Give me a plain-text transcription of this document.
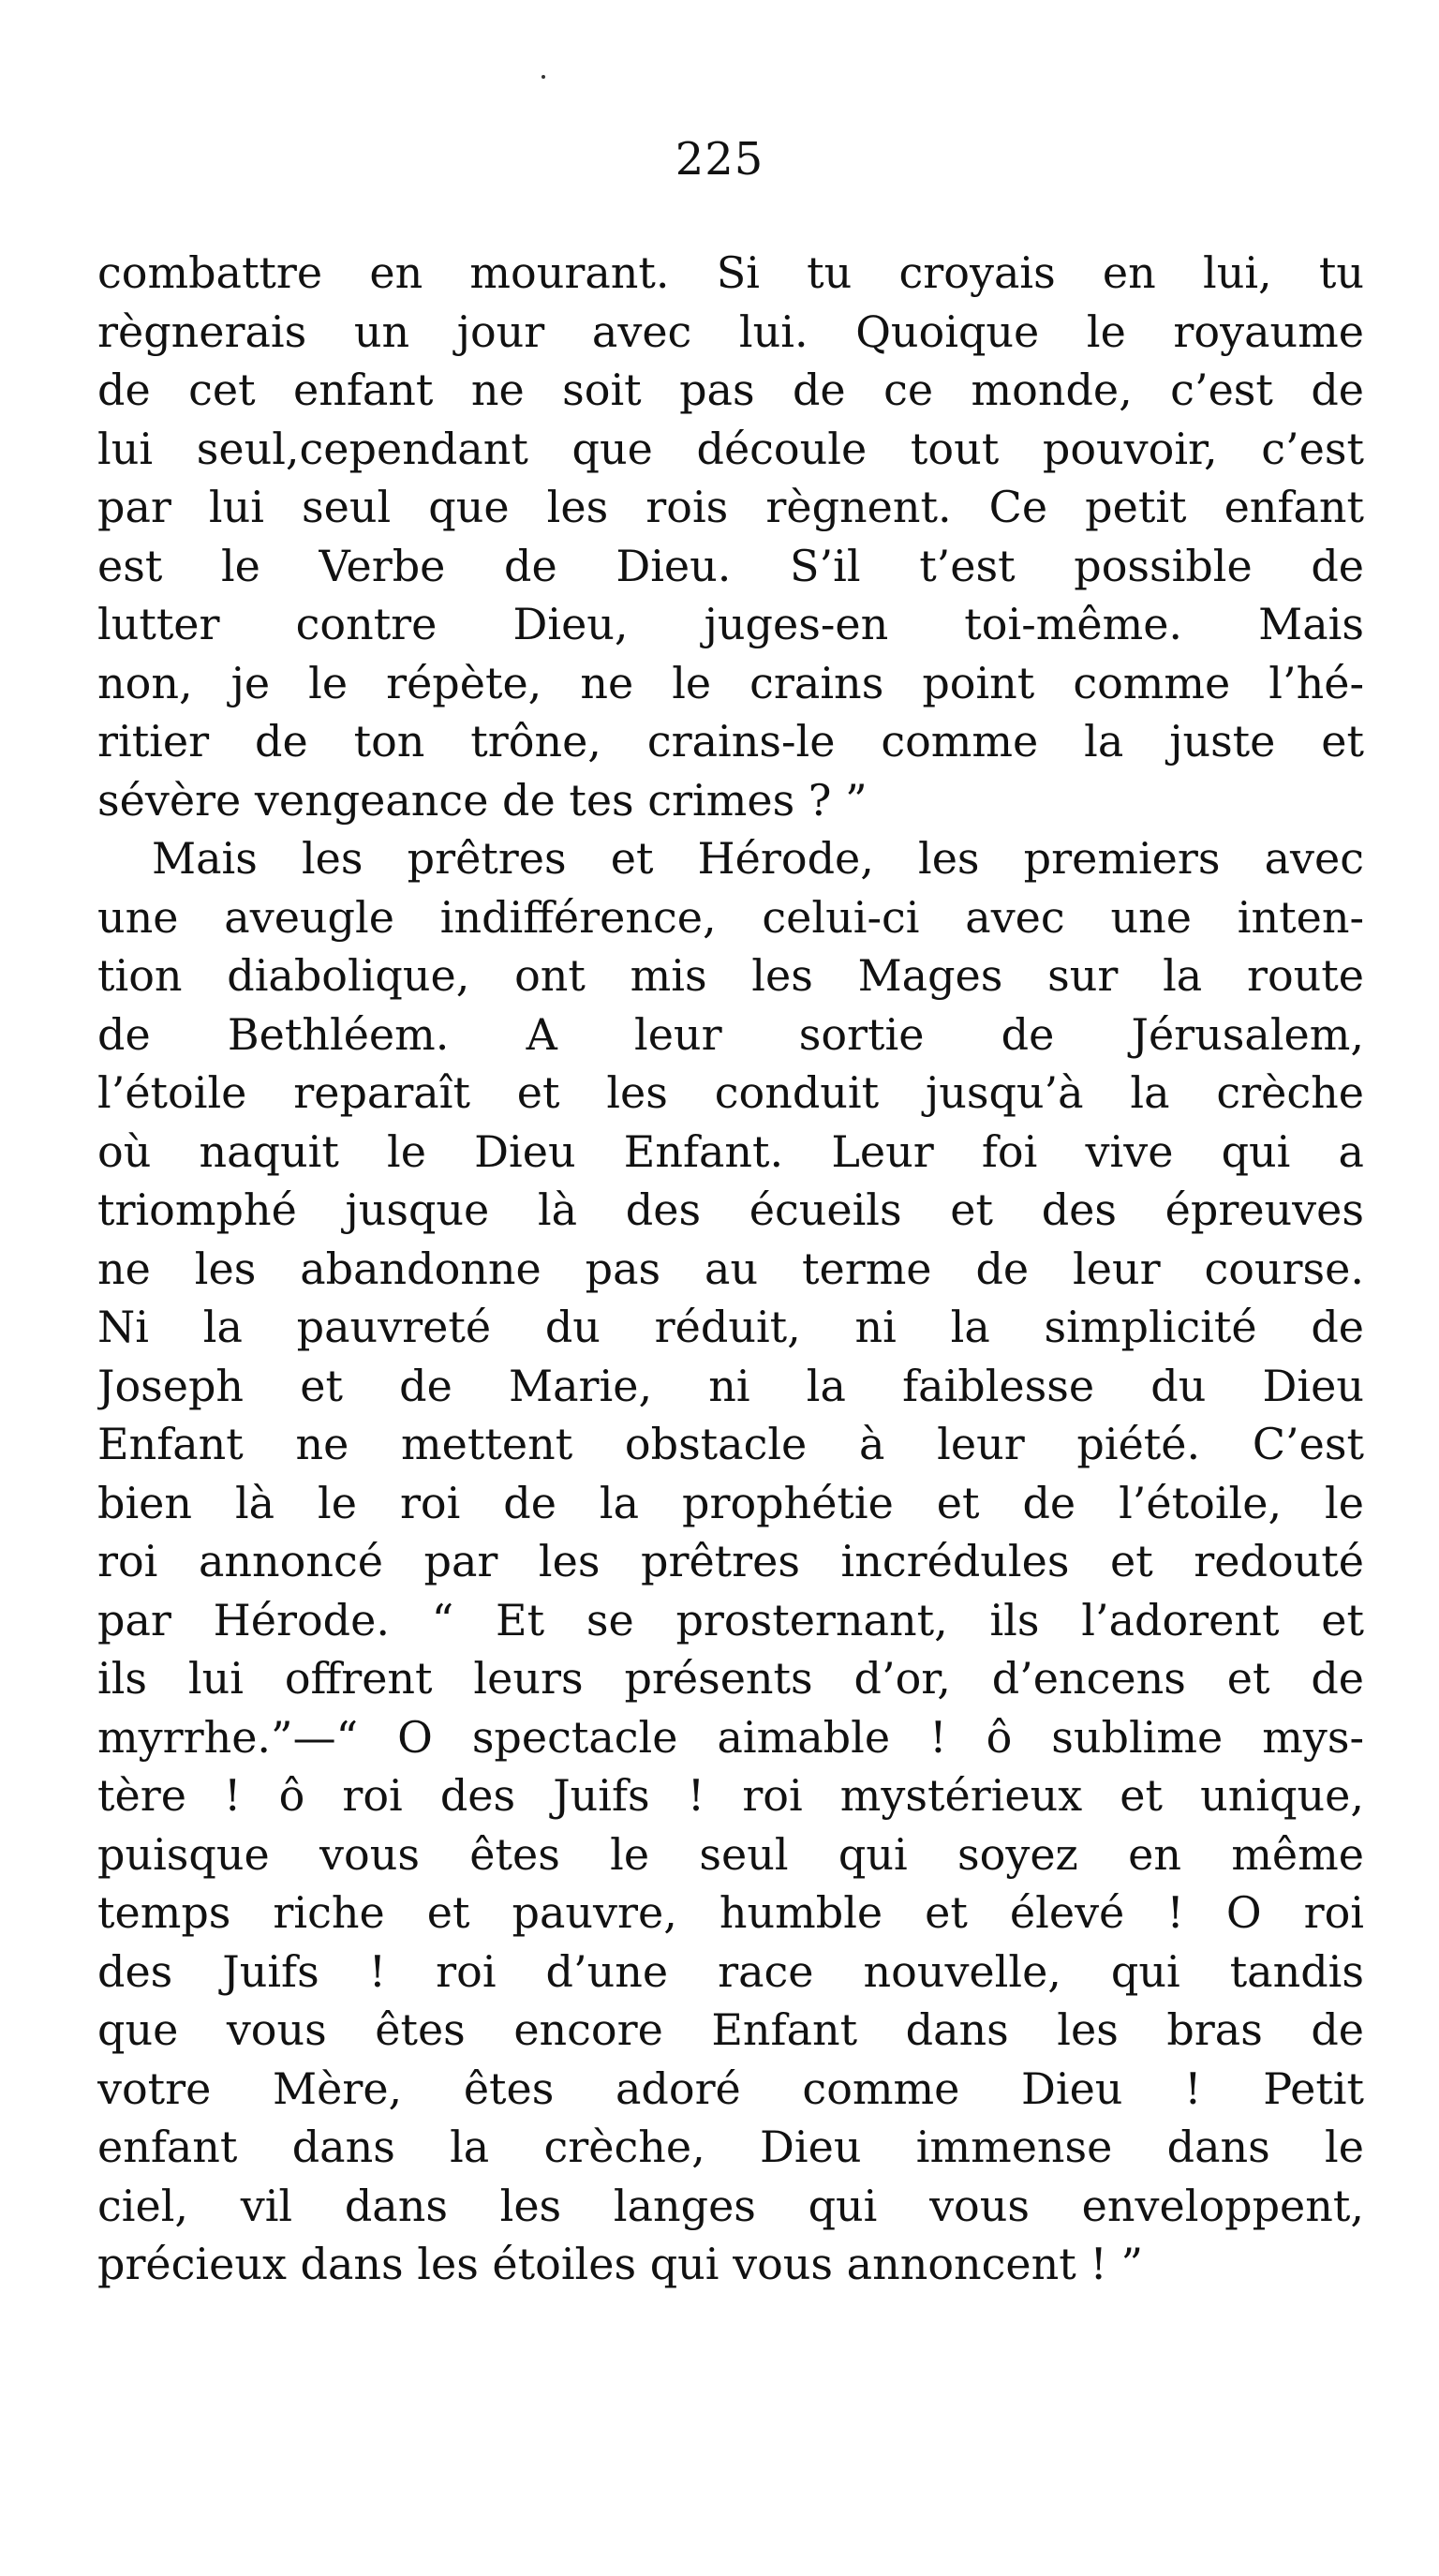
225
combattre en mourant. Si tu croyais en lui, tu
règnerais un jour avec lui. Quoique le royaume
de cet enfant ne soit pas de ce monde, c’est de
lui seul,cependant que découle tout pouvoir, c’est
par lui seul que les rois règnent. Ce petit enfant
est le Verbe de Dieu. S’il t’est possible de
lutter contre Dieu, juges-en toi-même. Mais
non, je le répète, ne le crains point comme l’hé-
ritier de ton trône, crains-le comme la juste et
sévère vengeance de tes crimes ? ”
Mais les prêtres et Hérode, les premiers avec
une aveugle indifférence, celui-ci avec une inten-
tion diabolique, ont mis les Mages sur la route
de Bethléem. A leur sortie de Jérusalem,
l’étoile reparaît et les conduit jusqu’à la crèche
où naquit le Dieu Enfant. Leur foi vive qui a
triomphé jusque là des écueils et des épreuves
ne les abandonne pas au terme de leur course.
Ni la pauvreté du réduit, ni la simplicité de
Joseph et de Marie, ni la faiblesse du Dieu
Enfant ne mettent obstacle à leur piété. C’est
bien là le roi de la prophétie et de l’étoile, le
roi annoncé par les prêtres incrédules et redouté
par Hérode. “ Et se prosternant, ils l’adorent et
ils lui offrent leurs présents d’or, d’encens et de
myrrhe.”—“ O spectacle aimable ! ô sublime mys-
tère ! ô roi des Juifs ! roi mystérieux et unique,
puisque vous êtes le seul qui soyez en même
temps riche et pauvre, humble et élevé ! O roi
des Juifs ! roi d’une race nouvelle, qui tandis
que vous êtes encore Enfant dans les bras de
votre Mère, êtes adoré comme Dieu ! Petit
enfant dans la crèche, Dieu immense dans le
ciel, vil dans les langes qui vous enveloppent,
précieux dans les étoiles qui vous annoncent ! ”
